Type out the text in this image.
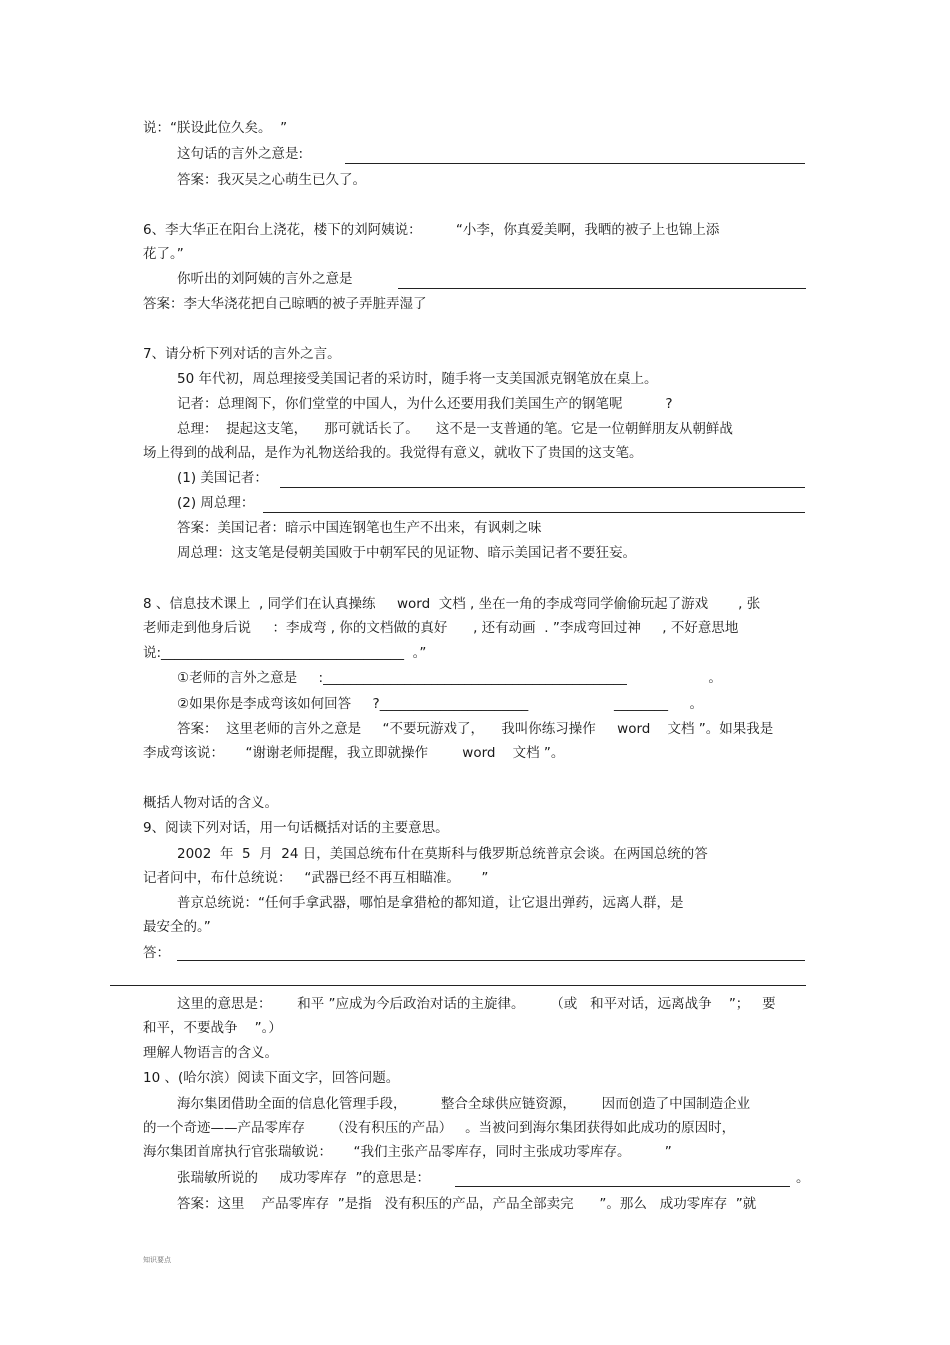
说：“朕设此位久矣。  ”
这句话的言外之意是:
答案：我灭吴之心萌生已久了。
6、李大华正在阳台上浇花，楼下的刘阿姨说：        “小李，你真爱美啊，我晒的被子上也锦上添
花了。”
你听出的刘阿姨的言外之意是
答案：李大华浇花把自己晾晒的被子弄脏弄湿了
7、请分析下列对话的言外之言。
50 年代初，周总理接受美国记者的采访时，随手将一支美国派克钢笔放在桌上。
记者：总理阁下，你们堂堂的中国人，为什么还要用我们美国生产的钢笔呢          ?
总理：  提起这支笔，    那可就话长了。    这不是一支普通的笔。它是一位朝鲜朋友从朝鲜战
场上得到的战利品，是作为礼物送给我的。我觉得有意义，就收下了贵国的这支笔。
(1) 美国记者：
(2) 周总理：
答案：美国记者：暗示中国连钢笔也生产不出来，有讽刺之味
周总理：这支笔是侵朝美国败于中朝军民的见证物、暗示美国记者不要狂妄。
8 、信息技术课上  , 同学们在认真操练     word  文档 , 坐在一角的李成弯同学偷偷玩起了游戏       , 张
老师走到他身后说     ：李成弯 , 你的文档做的真好      , 还有动画  . ”李成弯回过神     , 不好意思地
说:____________________________________  。”
①老师的言外之意是     :_____________________________________________                   。
②如果你是李成弯该如何回答     ?______________________                    ________     。
答案：  这里老师的言外之意是     “不要玩游戏了，    我叫你练习操作     word    文档 ”。如果我是
李成弯该说：     “谢谢老师提醒，我立即就操作        word    文档 ”。
概括人物对话的含义。
9、阅读下列对话，用一句话概括对话的主要意思。
2002  年  5  月  24 日，美国总统布什在莫斯科与俄罗斯总统普京会谈。在两国总统的答
记者问中，布什总统说：   “武器已经不再互相瞄准。     ”
普京总统说：“任何手拿武器，哪怕是拿猎枪的都知道，让它退出弹药，远离人群，是
最安全的。”
答：
这里的意思是：      和平 ”应成为今后政治对话的主旋律。      （或   和平对话，远离战争    ”；   要
和平，不要战争    ”。）
理解人物语言的含义。
10 、(哈尔滨）阅读下面文字，回答问题。
海尔集团借助全面的信息化管理手段，        整合全球供应链资源，      因而创造了中国制造企业
的一个奇迹——产品零库存      （没有积压的产品）   。当被问到海尔集团获得如此成功的原因时，
海尔集团首席执行官张瑞敏说：     “我们主张产品零库存，同时主张成功零库存。        ”
张瑞敏所说的     成功零库存  ”的意思是：	。
答案：这里    产品零库存  ”是指   没有积压的产品，产品全部卖完      ”。那么   成功零库存  ”就
知识要点
